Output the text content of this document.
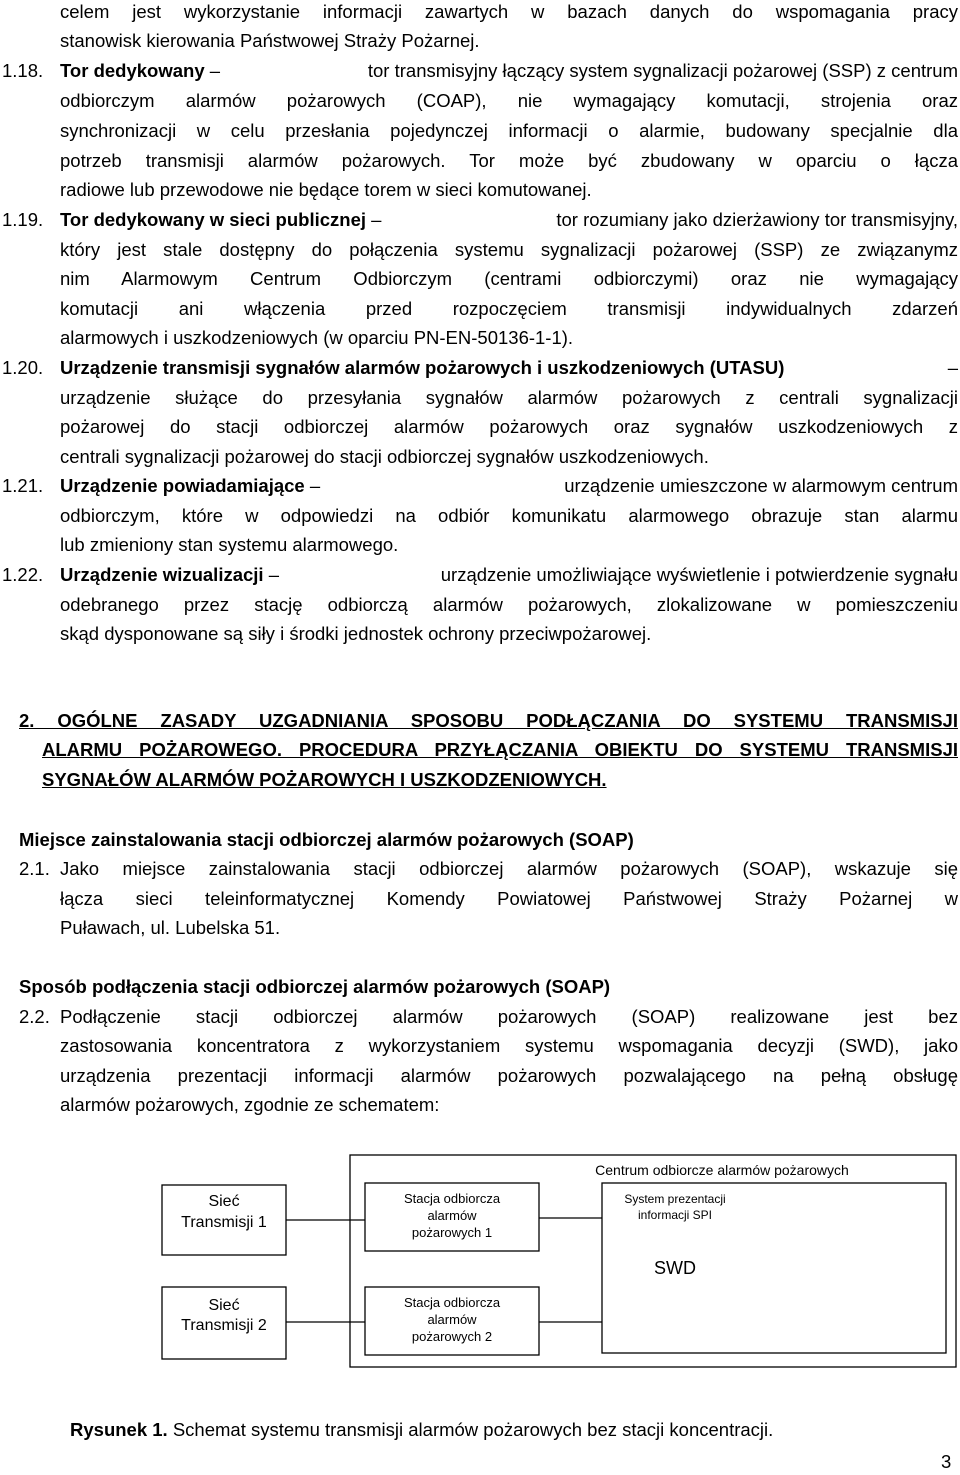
celem jest wykorzystanie informacji zawartych w bazach danych do wspomagania pracy
stanowisk kierowania Państwowej Straży Pożarnej.
1.18. Tor dedykowany –	tor transmisyjny łączący system sygnalizacji pożarowej (SSP) z centrum
odbiorczym alarmów pożarowych (COAP), nie wymagający komutacji, strojenia oraz
synchronizacji w celu przesłania pojedynczej informacji o alarmie, budowany specjalnie dla
potrzeb transmisji alarmów pożarowych. Tor może być zbudowany w oparciu o łącza
radiowe lub przewodowe nie będące torem w sieci komutowanej.
1.19. Tor dedykowany w sieci publicznej –	tor rozumiany jako dzierżawiony tor transmisyjny,
który jest stale dostępny do połączenia systemu sygnalizacji pożarowej (SSP) ze związanymz
nim Alarmowym Centrum Odbiorczym (centrami odbiorczymi) oraz nie wymagający
komutacji ani włączenia przed rozpoczęciem transmisji indywidualnych zdarzeń
alarmowych i uszkodzeniowych (w oparciu PN-EN-50136-1-1).
1.20. Urządzenie transmisji sygnałów alarmów pożarowych i uszkodzeniowych (UTASU)	–
urządzenie służące do przesyłania sygnałów alarmów pożarowych z centrali sygnalizacji
pożarowej do stacji odbiorczej alarmów pożarowych oraz sygnałów uszkodzeniowych z
centrali sygnalizacji pożarowej do stacji odbiorczej sygnałów uszkodzeniowych.
1.21. Urządzenie powiadamiające –	urządzenie umieszczone w alarmowym centrum
odbiorczym, które w odpowiedzi na odbiór komunikatu alarmowego obrazuje stan alarmu
lub zmieniony stan systemu alarmowego.
1.22. Urządzenie wizualizacji –	urządzenie umożliwiające wyświetlenie i potwierdzenie sygnału
odebranego przez stację odbiorczą alarmów pożarowych, zlokalizowane w pomieszczeniu
skąd dysponowane są siły i środki jednostek ochrony przeciwpożarowej.
2. OGÓLNE ZASADY UZGADNIANIA SPOSOBU PODŁĄCZANIA DO SYSTEMU TRANSMISJI
ALARMU POŻAROWEGO. PROCEDURA PRZYŁĄCZANIA OBIEKTU DO SYSTEMU TRANSMISJI
SYGNAŁÓW ALARMÓW POŻAROWYCH I USZKODZENIOWYCH.
Miejsce zainstalowania stacji odbiorczej alarmów pożarowych (SOAP)
2.1. Jako miejsce zainstalowania stacji odbiorczej alarmów pożarowych (SOAP), wskazuje się
łącza sieci teleinformatycznej Komendy Powiatowej Państwowej Straży Pożarnej w
Puławach, ul. Lubelska 51.
Sposób podłączenia stacji odbiorczej alarmów pożarowych (SOAP)
2.2. Podłączenie stacji odbiorczej alarmów pożarowych (SOAP) realizowane jest bez
zastosowania koncentratora z wykorzystaniem systemu wspomagania decyzji (SWD), jako
urządzenia prezentacji informacji alarmów pożarowych pozwalającego na pełną obsługę
alarmów pożarowych, zgodnie ze schematem:
Centrum odbiorcze alarmów pożarowych
Sieć
Transmisji 1
Sieć
Transmisji 2
Stacja odbiorcza
alarmów
pożarowych 1
Stacja odbiorcza
alarmów
pożarowych 2
System prezentacji
informacji SPI
SWD
Rysunek 1. Schemat systemu transmisji alarmów pożarowych bez stacji koncentracji.
3
